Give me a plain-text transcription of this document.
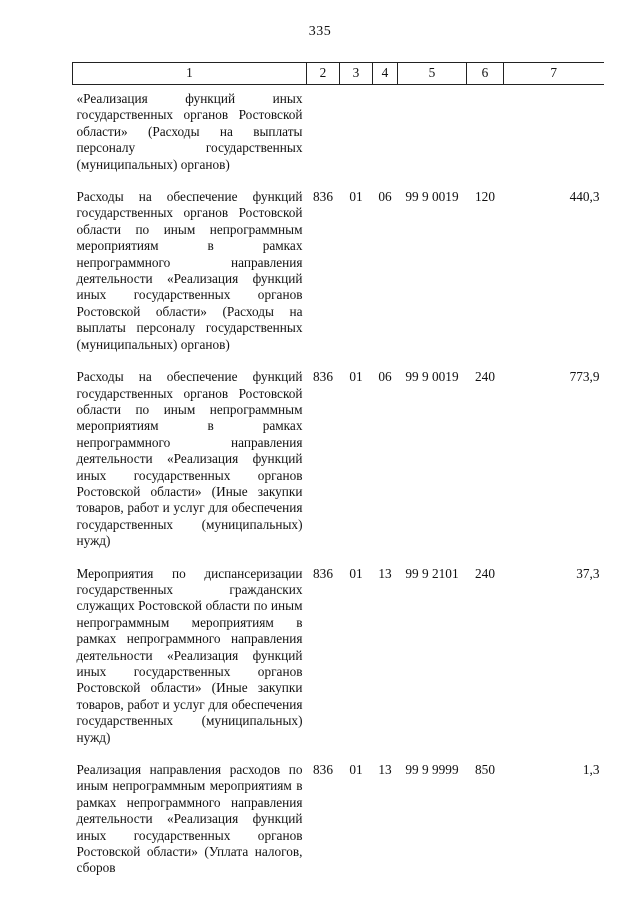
335
1	2	3	4	5	6	7
«Реализация функций иных государственных органов Ростовской области» (Расходы на выплаты персоналу государственных (муниципальных) органов)						
Расходы на обеспечение функций государственных органов Ростовской области по иным непрограммным мероприятиям в рамках непрограммного направления деятельности «Реализация функций иных государственных органов Ростовской области» (Расходы на выплаты персоналу государственных (муниципальных) органов)	836	01	06	99 9 0019	120	440,3
Расходы на обеспечение функций государственных органов Ростовской области по иным непрограммным мероприятиям в рамках непрограммного направления деятельности «Реализация функций иных государственных органов Ростовской области» (Иные закупки товаров, работ и услуг для обеспечения государственных (муниципальных) нужд)	836	01	06	99 9 0019	240	773,9
Мероприятия по диспансеризации государственных гражданских служащих Ростовской области по иным непрограммным мероприятиям в рамках непрограммного направления деятельности «Реализация функций иных государственных органов Ростовской области» (Иные закупки товаров, работ и услуг для обеспечения государственных (муниципальных) нужд)	836	01	13	99 9 2101	240	37,3
Реализация направления расходов по иным непрограммным мероприятиям в рамках непрограммного направления деятельности «Реализация функций иных государственных органов Ростовской области» (Уплата налогов, сборов	836	01	13	99 9 9999	850	1,3
